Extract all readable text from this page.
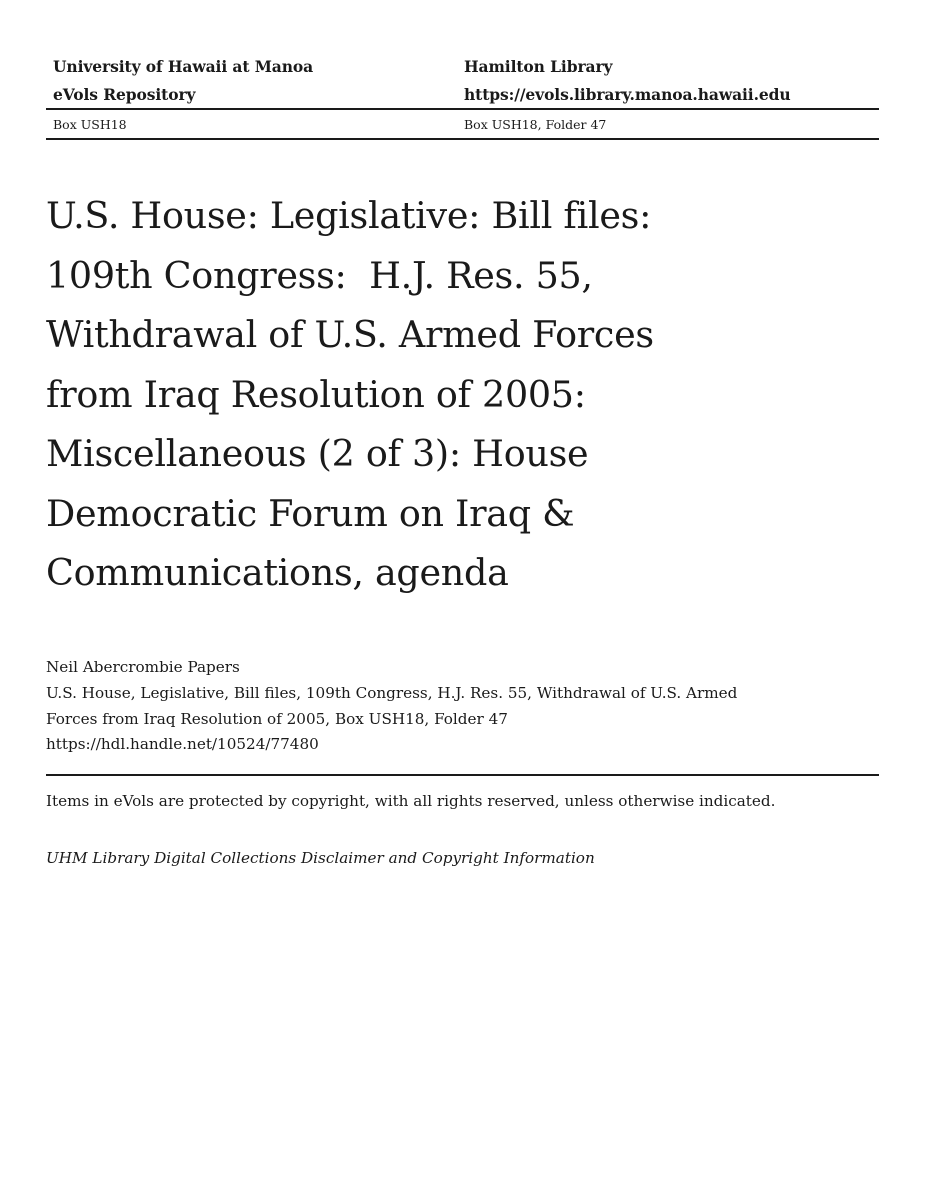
University of Hawaii at Manoa	Hamilton Library
eVols Repository	https://evols.library.manoa.hawaii.edu
Box USH18	Box USH18, Folder 47
U.S. House: Legislative: Bill files:
109th Congress:  H.J. Res. 55,
Withdrawal of U.S. Armed Forces
from Iraq Resolution of 2005:
Miscellaneous (2 of 3): House
Democratic Forum on Iraq &
Communications, agenda
Neil Abercrombie Papers
U.S. House, Legislative, Bill files, 109th Congress, H.J. Res. 55, Withdrawal of U.S. Armed
Forces from Iraq Resolution of 2005, Box USH18, Folder 47
https://hdl.handle.net/10524/77480
Items in eVols are protected by copyright, with all rights reserved, unless otherwise indicated.
UHM Library Digital Collections Disclaimer and Copyright Information
